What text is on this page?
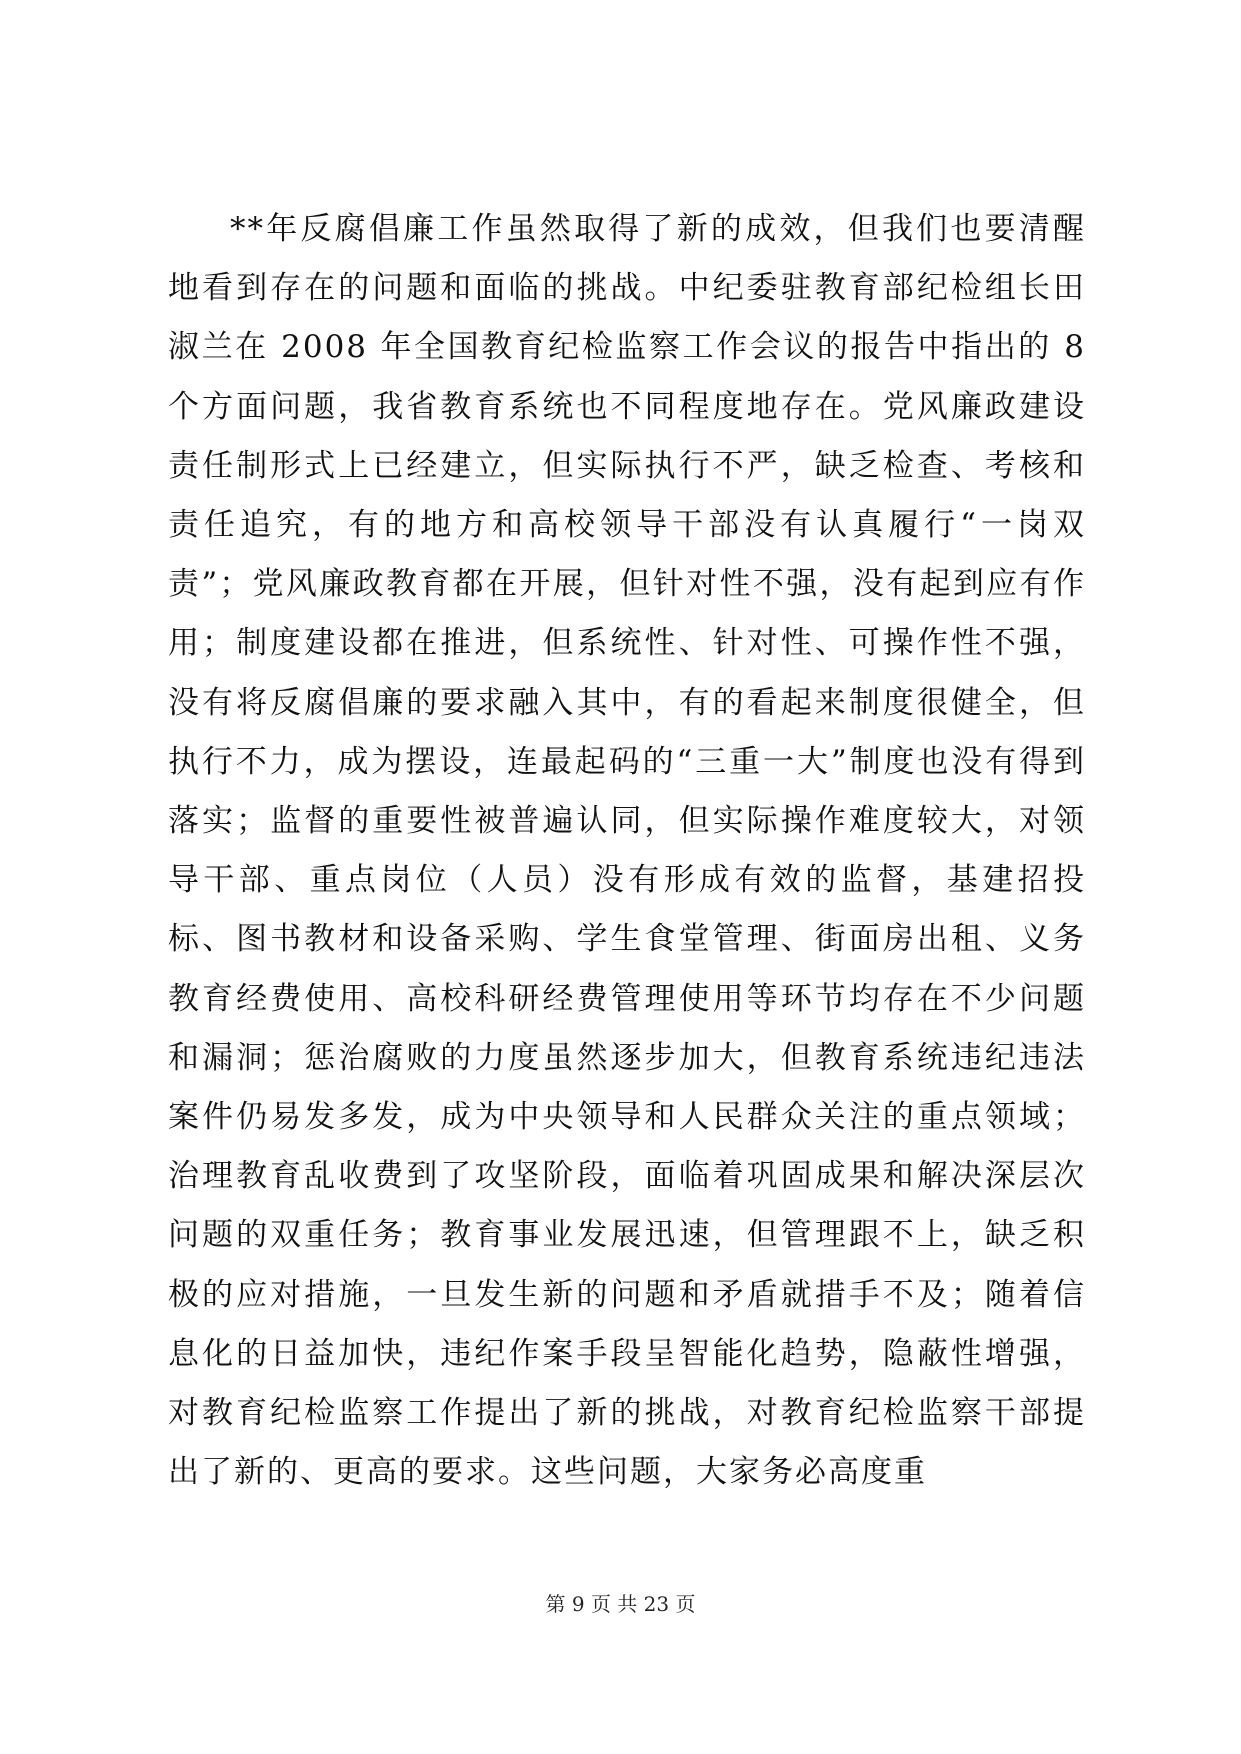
**年反腐倡廉工作虽然取得了新的成效，但我们也要清醒地看到存在的问题和面临的挑战。中纪委驻教育部纪检组长田淑兰在 2008 年全国教育纪检监察工作会议的报告中指出的 8 个方面问题，我省教育系统也不同程度地存在。党风廉政建设责任制形式上已经建立，但实际执行不严，缺乏检查、考核和责任追究，有的地方和高校领导干部没有认真履行“一岗双责”；党风廉政教育都在开展，但针对性不强，没有起到应有作用；制度建设都在推进，但系统性、针对性、可操作性不强，没有将反腐倡廉的要求融入其中，有的看起来制度很健全，但执行不力，成为摆设，连最起码的“三重一大”制度也没有得到落实；监督的重要性被普遍认同，但实际操作难度较大，对领导干部、重点岗位（人员）没有形成有效的监督，基建招投标、图书教材和设备采购、学生食堂管理、街面房出租、义务教育经费使用、高校科研经费管理使用等环节均存在不少问题和漏洞；惩治腐败的力度虽然逐步加大，但教育系统违纪违法案件仍易发多发，成为中央领导和人民群众关注的重点领域；治理教育乱收费到了攻坚阶段，面临着巩固成果和解决深层次问题的双重任务；教育事业发展迅速，但管理跟不上，缺乏积极的应对措施，一旦发生新的问题和矛盾就措手不及；随着信息化的日益加快，违纪作案手段呈智能化趋势，隐蔽性增强，对教育纪检监察工作提出了新的挑战，对教育纪检监察干部提出了新的、更高的要求。这些问题，大家务必高度重

第 9 页 共 23 页
